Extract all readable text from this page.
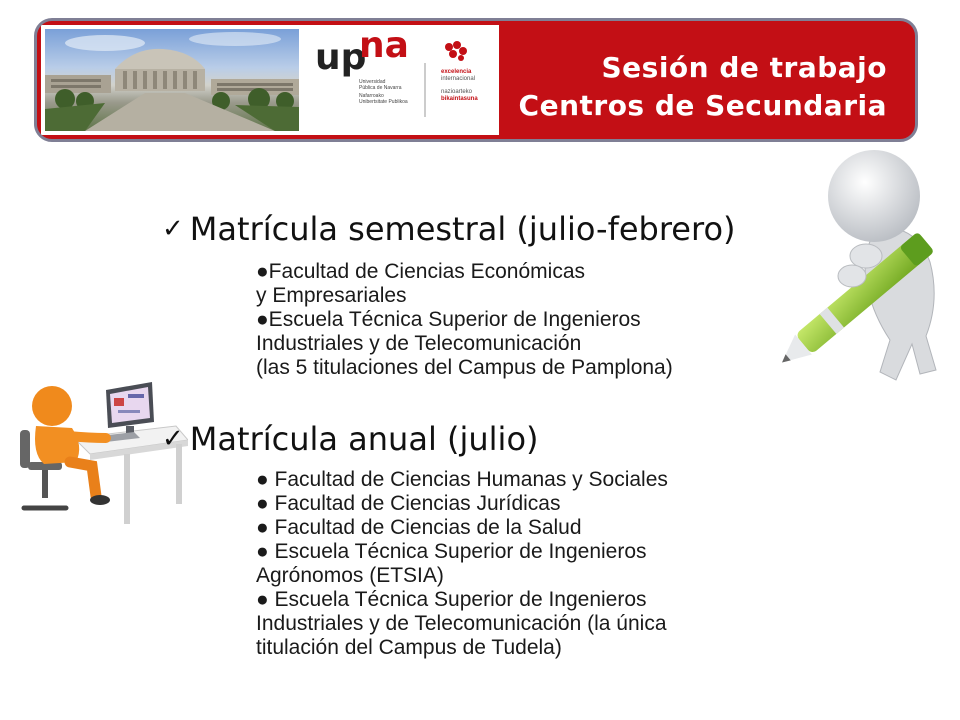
up
na
Universidad
Pública de Navarra
Nafarroako
Unibertsitate Publikoa
excelencia
internacional
nazioarteko
bikaintasuna
Sesión de trabajo
Centros de Secundaria
✓ Matrícula semestral (julio-febrero)
●Facultad de Ciencias Económicas
y Empresariales
●Escuela Técnica Superior de Ingenieros
Industriales y de Telecomunicación
(las 5 titulaciones del Campus de Pamplona)
✓ Matrícula anual (julio)
● Facultad de Ciencias Humanas y Sociales
● Facultad de Ciencias Jurídicas
● Facultad de Ciencias de la Salud
● Escuela Técnica Superior de Ingenieros
Agrónomos (ETSIA)
● Escuela Técnica Superior de Ingenieros
Industriales y de Telecomunicación (la única
titulación del Campus de Tudela)
